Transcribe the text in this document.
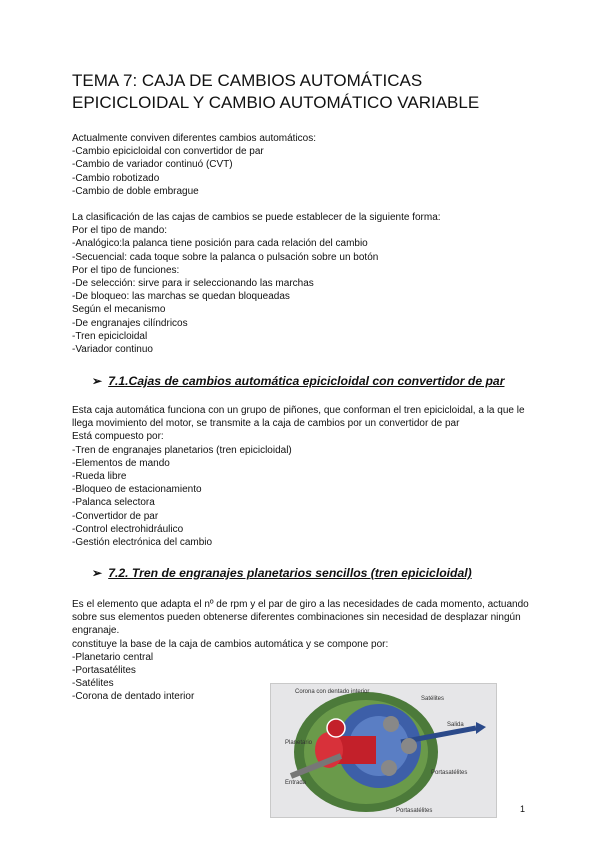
TEMA 7: CAJA DE CAMBIOS AUTOMÁTICAS
EPICICLOIDAL Y CAMBIO AUTOMÁTICO VARIABLE

Actualmente conviven diferentes cambios automáticos:

-Cambio epicicloidal con convertidor de par

-Cambio de variador continuó (CVT)

-Cambio robotizado

-Cambio de doble embrague

La clasificación de las cajas de cambios se puede establecer de la siguiente forma:

Por el tipo de mando:

-Analógico:la palanca tiene posición para cada relación del cambio

-Secuencial: cada toque sobre la palanca o pulsación sobre un botón

Por el tipo de funciones:

-De selección: sirve para ir seleccionando las marchas

-De bloqueo: las marchas se quedan bloqueadas

Según el mecanismo

-De engranajes cilíndricos

-Tren epicicloidal

-Variador continuo

➢ 7.1.Cajas de cambios automática epicicloidal con convertidor de par

Esta caja automática funciona con un grupo de piñones, que conforman el tren epicicloidal, a la que le llega movimiento del motor, se transmite a la caja de cambios por un convertidor de par

Está compuesto por:

-Tren de engranajes planetarios (tren epicicloidal)

-Elementos de mando

-Rueda libre

-Bloqueo de estacionamiento

-Palanca selectora

-Convertidor de par

-Control electrohidráulico

-Gestión electrónica del cambio

➢ 7.2. Tren de engranajes planetarios sencillos (tren epicicloidal)

Es el elemento que adapta el nº de rpm y el par de giro a las necesidades de cada momento, actuando sobre sus elementos pueden obtenerse diferentes combinaciones sin necesidad de desplazar ningún

engranaje.

constituye la base de la caja de cambios automática y se compone por:

-Planetario central

-Portasatélites

-Satélites

-Corona de dentado interior	Corona con dentado interior
Satélites
Planetario
Salida
Entrada
Portasatélites
Portasatélites	1
